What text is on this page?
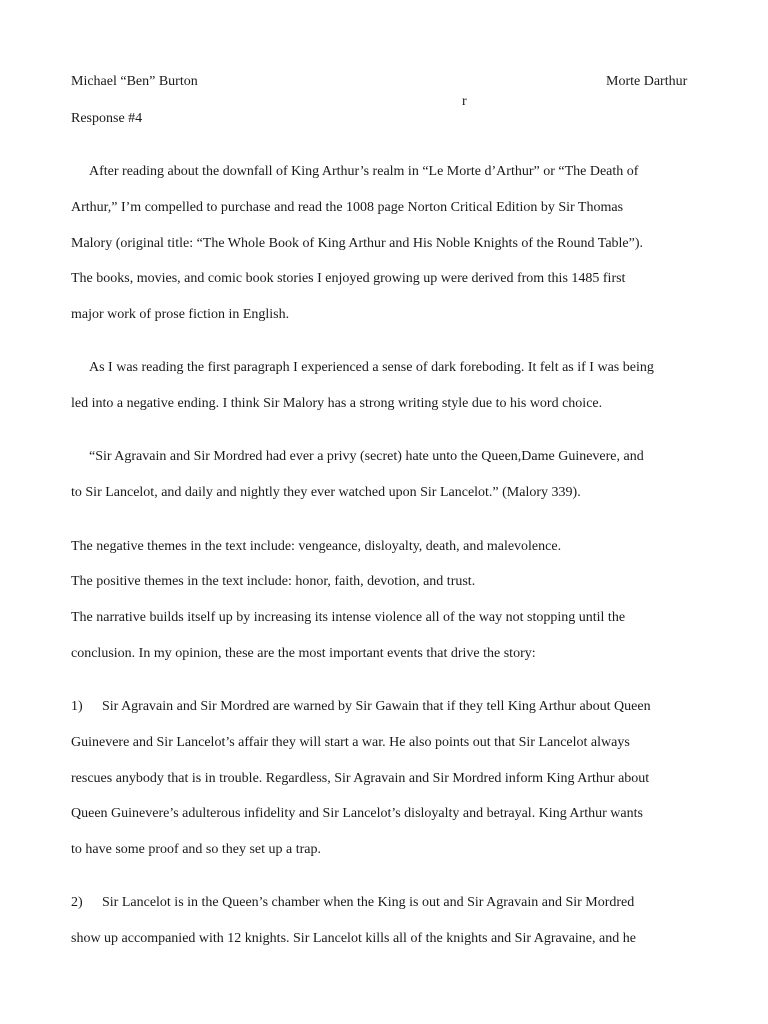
Michael “Ben” Burton	Morte Darthur
r
Response #4
After reading about the downfall of King Arthur’s realm in “Le Morte d’Arthur” or “The Death of
Arthur,” I’m compelled to purchase and read the 1008 page Norton Critical Edition by Sir Thomas
Malory (original title: “The Whole Book of King Arthur and His Noble Knights of the Round Table”).
The books, movies, and comic book stories I enjoyed growing up were derived from this 1485 first
major work of prose fiction in English.
As I was reading the first paragraph I experienced a sense of dark foreboding. It felt as if I was being
led into a negative ending. I think Sir Malory has a strong writing style due to his word choice.
“Sir Agravain and Sir Mordred had ever a privy (secret) hate unto the Queen,Dame Guinevere, and
to Sir Lancelot, and daily and nightly they ever watched upon Sir Lancelot.” (Malory 339).
The negative themes in the text include: vengeance, disloyalty, death, and malevolence.
The positive themes in the text include: honor, faith, devotion, and trust.
The narrative builds itself up by increasing its intense violence all of the way not stopping until the
conclusion. In my opinion, these are the most important events that drive the story:
1) Sir Agravain and Sir Mordred are warned by Sir Gawain that if they tell King Arthur about Queen
Guinevere and Sir Lancelot’s affair they will start a war. He also points out that Sir Lancelot always
rescues anybody that is in trouble. Regardless, Sir Agravain and Sir Mordred inform King Arthur about
Queen Guinevere’s adulterous infidelity and Sir Lancelot’s disloyalty and betrayal. King Arthur wants
to have some proof and so they set up a trap.
2) Sir Lancelot is in the Queen’s chamber when the King is out and Sir Agravain and Sir Mordred
show up accompanied with 12 knights. Sir Lancelot kills all of the knights and Sir Agravaine, and he
